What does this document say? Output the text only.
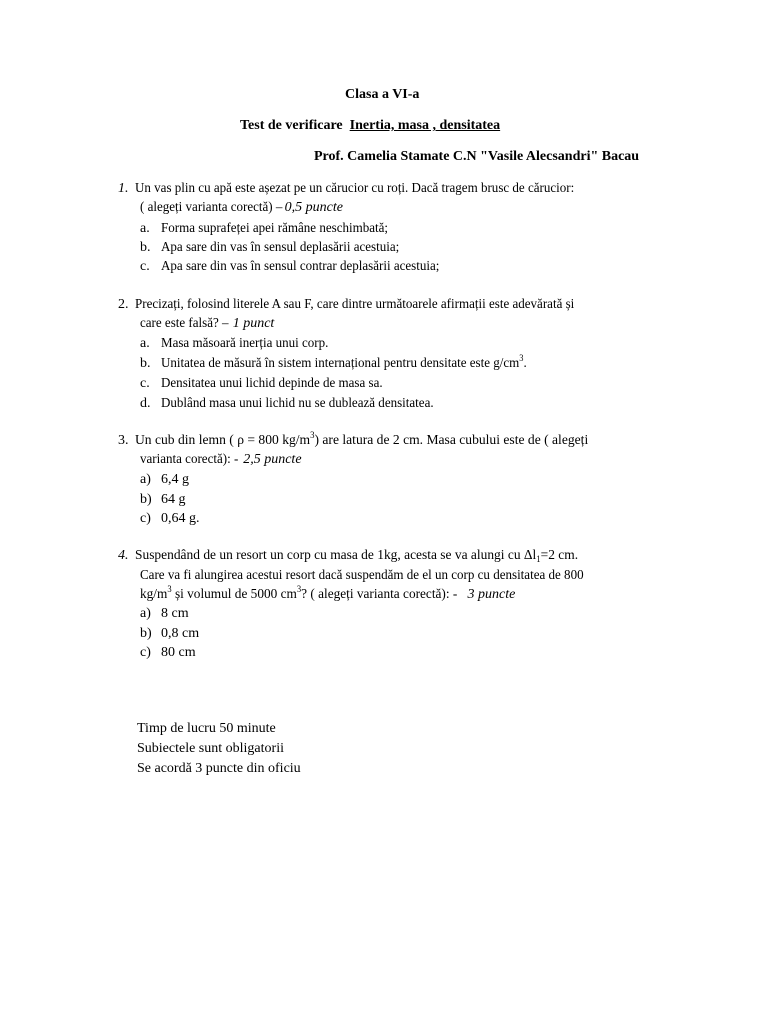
Clasa a VI-a
Test de verificare Inertia, masa , densitatea
Prof. Camelia Stamate C.N "Vasile Alecsandri" Bacau
1. Un vas plin cu apă este așezat pe un cărucior cu roți. Dacă tragem brusc de cărucior:
( alegeți varianta corectă) – 0,5 puncte
a. Forma suprafeței apei rămâne neschimbată;
b. Apa sare din vas în sensul deplasării acestuia;
c. Apa sare din vas în sensul contrar deplasării acestuia;
2. Precizați, folosind literele A sau F, care dintre următoarele afirmații este adevărată și
care este falsă? – 1 punct
a. Masa măsoară inerția unui corp.
b. Unitatea de măsură în sistem internațional pentru densitate este $g/cm^3$.
c. Densitatea unui lichid depinde de masa sa.
d. Dublând masa unui lichid nu se dublează densitatea.
3. Un cub din lemn ( ρ = 800 $kg/m^3$) are latura de 2 cm. Masa cubului este de ( alegeți
varianta corectă): - 2,5 puncte
a) 6,4 g
b) 64 g
c) 0,64 g.
4. Suspendând de un resort un corp cu masa de 1kg, acesta se va alungi cu $\Delta l_1=2$ cm.
Care va fi alungirea acestui resort dacă suspendăm de el un corp cu densitatea de 800
$kg/m^3$ și volumul de 5000 $cm^3$? ( alegeți varianta corectă): - 3 puncte
a) 8 cm
b) 0,8 cm
c) 80 cm
Timp de lucru 50 minute
Subiectele sunt obligatorii
Se acordă 3 puncte din oficiu
